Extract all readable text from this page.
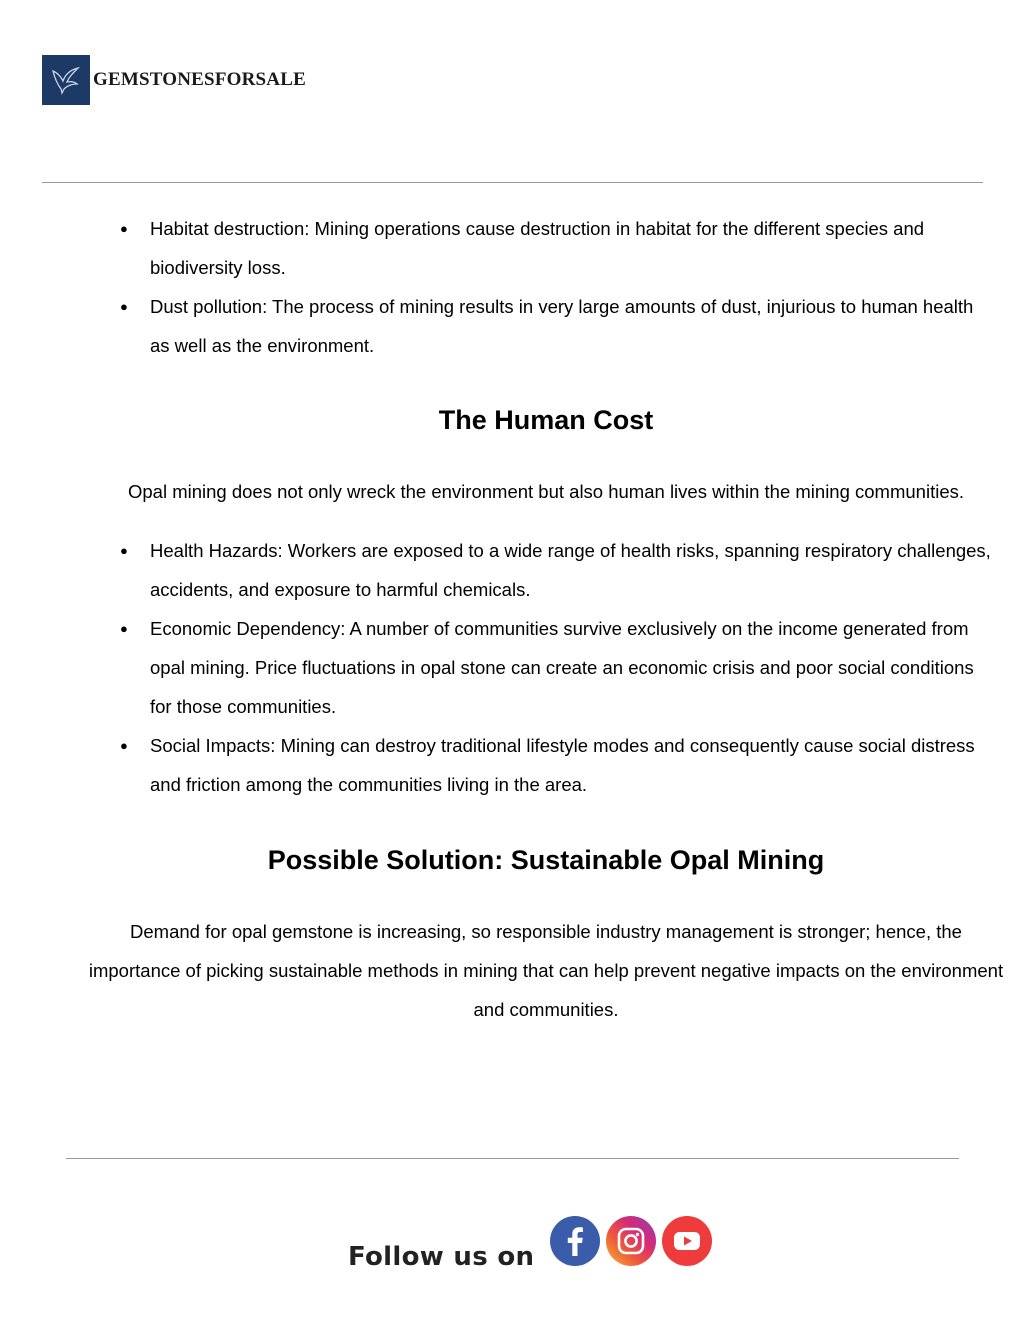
GEMSTONESFORSALE
● Habitat destruction: Mining operations cause destruction in habitat for the different species and biodiversity loss.
● Dust pollution: The process of mining results in very large amounts of dust, injurious to human health as well as the environment.
The Human Cost

Opal mining does not only wreck the environment but also human lives within the mining communities.

● Health Hazards: Workers are exposed to a wide range of health risks, spanning respiratory challenges, accidents, and exposure to harmful chemicals.
● Economic Dependency: A number of communities survive exclusively on the income generated from opal mining. Price fluctuations in opal stone can create an economic crisis and poor social conditions for those communities.
● Social Impacts: Mining can destroy traditional lifestyle modes and consequently cause social distress and friction among the communities living in the area.
Possible Solution: Sustainable Opal Mining

Demand for opal gemstone is increasing, so responsible industry management is stronger; hence, the importance of picking sustainable methods in mining that can help prevent negative impacts on the environment and communities.

Follow us on
